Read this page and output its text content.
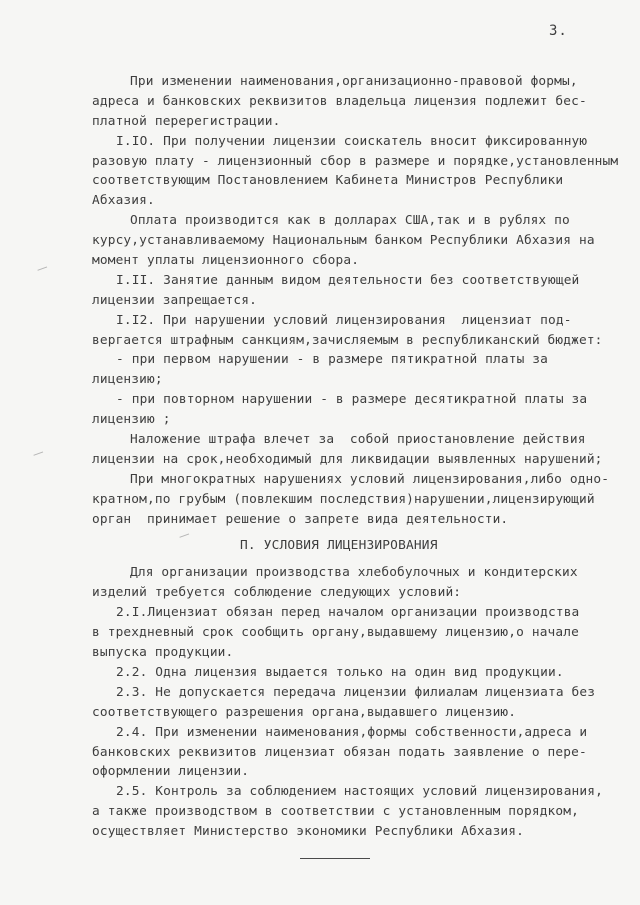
3.
При изменении наименования,организационно-правовой формы,
адреса и банковских реквизитов владельца лицензия подлежит бес-
платной перерегистрации.
I.IO. При получении лицензии соискатель вносит фиксированную
разовую плату - лицензионный сбор в размере и порядке,установленным
соответствующим Постановлением Кабинета Министров Республики
Абхазия.
Оплата производится как в долларах США,так и в рублях по
курсу,устанавливаемому Национальным банком Республики Абхазия на
момент уплаты лицензионного сбора.
I.II. Занятие данным видом деятельности без соответствующей
лицензии запрещается.
I.I2. При нарушении условий лицензирования  лицензиат под-
вергается штрафным санкциям,зачисляемым в республиканский бюджет:
- при первом нарушении - в размере пятикратной платы за
лицензию;
- при повторном нарушении - в размере десятикратной платы за
лицензию ;
Наложение штрафа влечет за  собой приостановление действия
лицензии на срок,необходимый для ликвидации выявленных нарушений;
При многократных нарушениях условий лицензирования,либо одно-
кратном,по грубым (повлекшим последствия)нарушении,лицензирующий
орган  принимает решение о запрете вида деятельности.
П. УСЛОВИЯ ЛИЦЕНЗИРОВАНИЯ
Для организации производства хлебобулочных и кондитерских
изделий требуется соблюдение следующих условий:
2.I.Лицензиат обязан перед началом организации производства
в трехдневный срок сообщить органу,выдавшему лицензию,о начале
выпуска продукции.
2.2. Одна лицензия выдается только на один вид продукции.
2.3. Не допускается передача лицензии филиалам лицензиата без
соответствующего разрешения органа,выдавшего лицензию.
2.4. При изменении наименования,формы собственности,адреса и
банковских реквизитов лицензиат обязан подать заявление о пере-
оформлении лицензии.
2.5. Контроль за соблюдением настоящих условий лицензирования,
а также производством в соответствии с установленным порядком,
осуществляет Министерство экономики Республики Абхазия.
